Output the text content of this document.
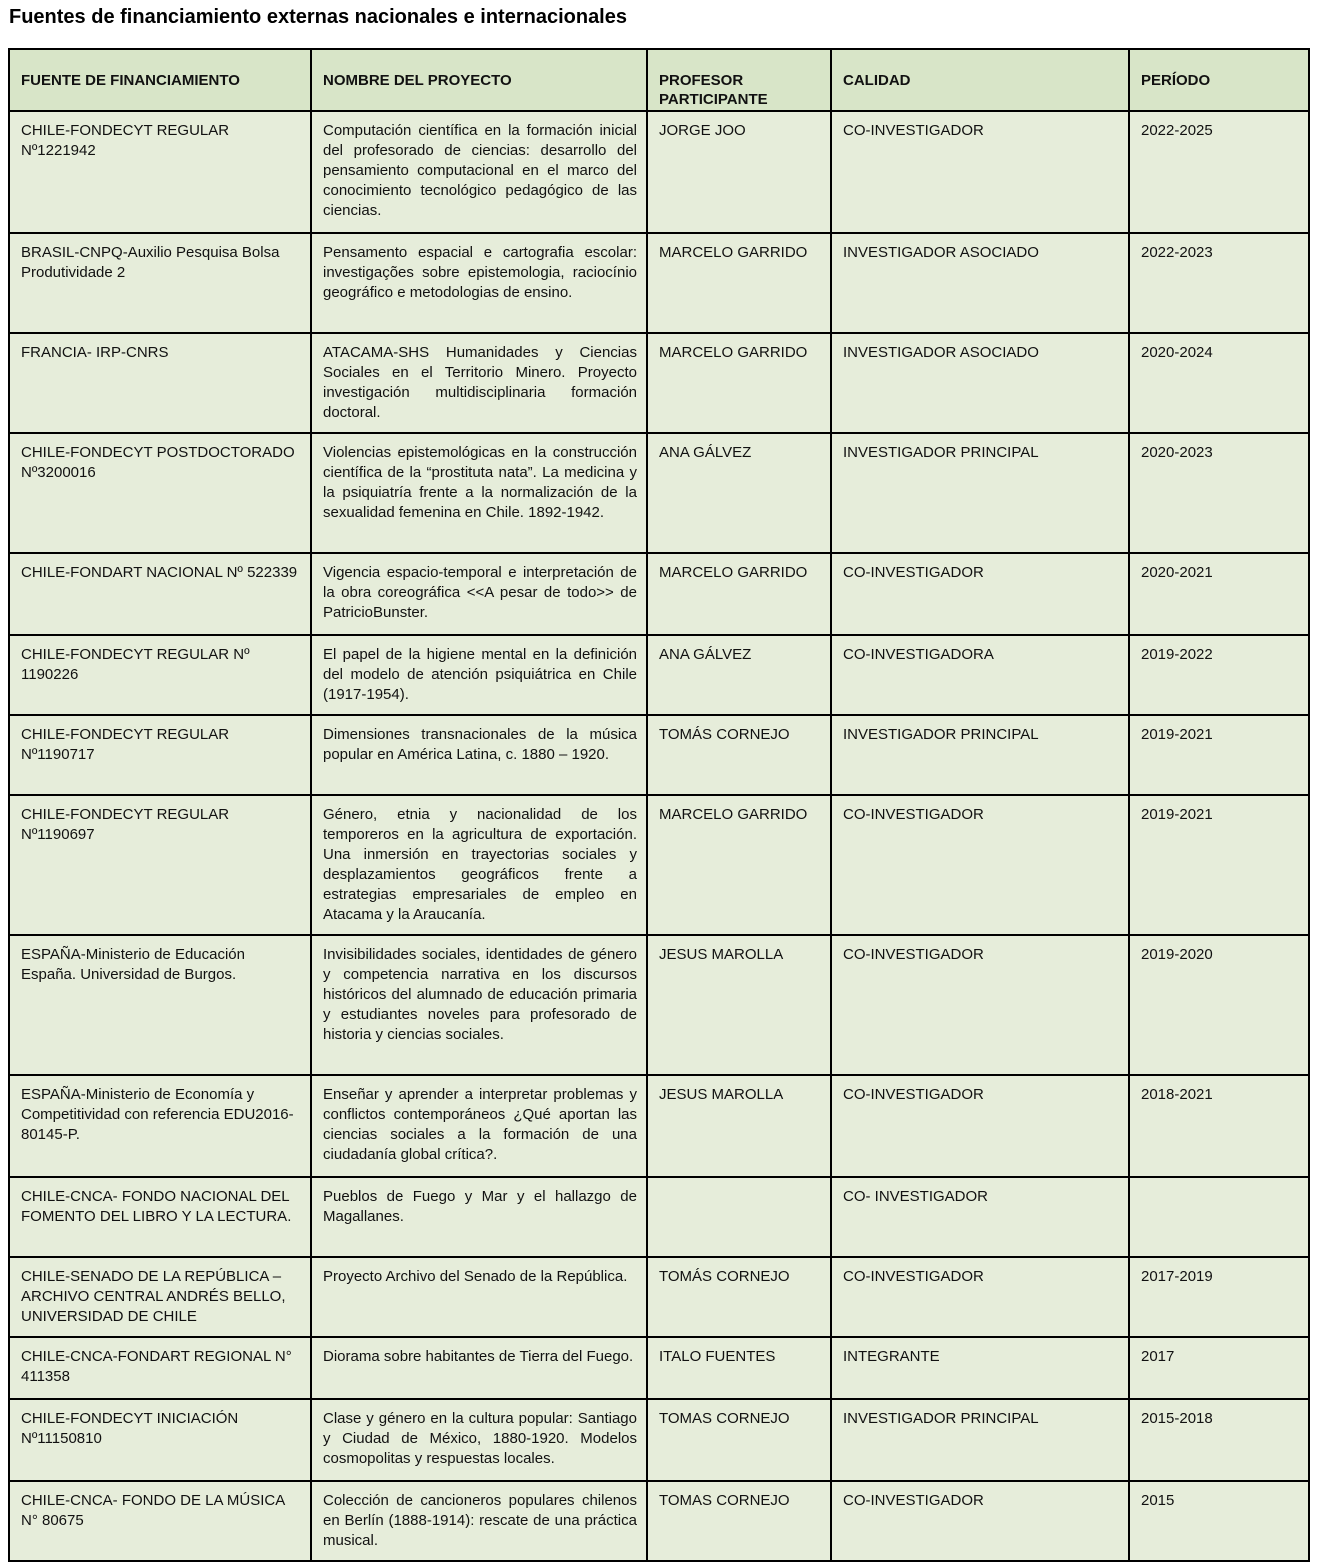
Fuentes de financiamiento externas nacionales e internacionales
FUENTE DE FINANCIAMIENTO	NOMBRE DEL PROYECTO	PROFESOR PARTICIPANTE	CALIDAD	PERÍODO
CHILE-FONDECYT REGULAR Nº1221942	Computación científica en la formación inicial del profesorado de ciencias: desarrollo del pensamiento computacional en el marco del conocimiento tecnológico pedagógico de las ciencias.	JORGE JOO	CO-INVESTIGADOR	2022-2025
BRASIL-CNPQ-Auxilio Pesquisa Bolsa Produtividade 2	Pensamento espacial e cartografia escolar: investigações sobre epistemologia, raciocínio geográfico e metodologias de ensino.	MARCELO GARRIDO	INVESTIGADOR ASOCIADO	2022-2023
FRANCIA- IRP-CNRS	ATACAMA-SHS Humanidades y Ciencias Sociales en el Territorio Minero. Proyecto investigación multidisciplinaria formación doctoral.	MARCELO GARRIDO	INVESTIGADOR ASOCIADO	2020-2024
CHILE-FONDECYT POSTDOCTORADO Nº3200016	Violencias epistemológicas en la construcción científica de la “prostituta nata”. La medicina y la psiquiatría frente a la normalización de la sexualidad femenina en Chile. 1892-1942.	ANA GÁLVEZ	INVESTIGADOR PRINCIPAL	2020-2023
CHILE-FONDART NACIONAL Nº 522339	Vigencia espacio-temporal e interpretación de la obra coreográfica <<A pesar de todo>> de PatricioBunster.	MARCELO GARRIDO	CO-INVESTIGADOR	2020-2021
CHILE-FONDECYT REGULAR Nº 1190226	El papel de la higiene mental en la definición del modelo de atención psiquiátrica en Chile (1917-1954).	ANA GÁLVEZ	CO-INVESTIGADORA	2019-2022
CHILE-FONDECYT REGULAR Nº1190717	Dimensiones transnacionales de la música popular en América Latina, c. 1880 – 1920.	TOMÁS CORNEJO	INVESTIGADOR PRINCIPAL	2019-2021
CHILE-FONDECYT REGULAR Nº1190697	Género, etnia y nacionalidad de los temporeros en la agricultura de exportación. Una inmersión en trayectorias sociales y desplazamientos geográficos frente a estrategias empresariales de empleo en Atacama y la Araucanía.	MARCELO GARRIDO	CO-INVESTIGADOR	2019-2021
ESPAÑA-Ministerio de Educación España. Universidad de Burgos.	Invisibilidades sociales, identidades de género y competencia narrativa en los discursos históricos del alumnado de educación primaria y estudiantes noveles para profesorado de historia y ciencias sociales.	JESUS MAROLLA	CO-INVESTIGADOR	2019-2020
ESPAÑA-Ministerio de Economía y Competitividad con referencia EDU2016-80145-P.	Enseñar y aprender a interpretar problemas y conflictos contemporáneos ¿Qué aportan las ciencias sociales a la formación de una ciudadanía global crítica?.	JESUS MAROLLA	CO-INVESTIGADOR	2018-2021
CHILE-CNCA- FONDO NACIONAL DEL FOMENTO DEL LIBRO Y LA LECTURA.	Pueblos de Fuego y Mar y el hallazgo de Magallanes.		CO- INVESTIGADOR	
CHILE-SENADO DE LA REPÚBLICA – ARCHIVO CENTRAL ANDRÉS BELLO, UNIVERSIDAD DE CHILE	Proyecto Archivo del Senado de la República.	TOMÁS CORNEJO	CO-INVESTIGADOR	2017-2019
CHILE-CNCA-FONDART REGIONAL N° 411358	Diorama sobre habitantes de Tierra del Fuego.	ITALO FUENTES	INTEGRANTE	2017
CHILE-FONDECYT INICIACIÓN Nº11150810	Clase y género en la cultura popular: Santiago y Ciudad de México, 1880-1920. Modelos cosmopolitas y respuestas locales.	TOMAS CORNEJO	INVESTIGADOR PRINCIPAL	2015-2018
CHILE-CNCA- FONDO DE LA MÚSICA N° 80675	Colección de cancioneros populares chilenos en Berlín (1888-1914): rescate de una práctica musical.	TOMAS CORNEJO	CO-INVESTIGADOR	2015
